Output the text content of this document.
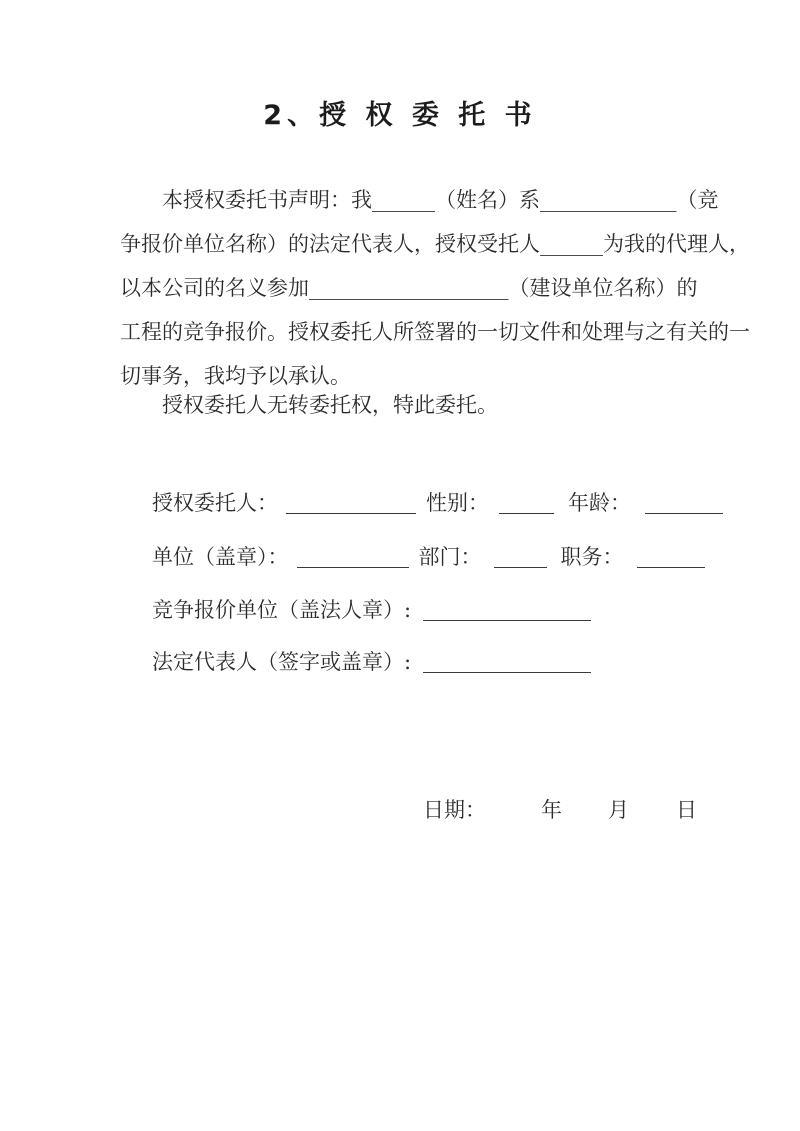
2、授 权 委 托 书
本授权委托书声明：我______（姓名）系_____________（竞
争报价单位名称）的法定代表人，授权受托人______为我的代理人，
以本公司的名义参加___________________（建设单位名称）的
工程的竞争报价。授权委托人所签署的一切文件和处理与之有关的一
切事务，我均予以承认。
授权委托人无转委托权，特此委托。
授权委托人：	性别：	年龄：
单位（盖章）：	部门：	职务：
竞争报价单位（盖法人章）:
法定代表人（签字或盖章）:
日期：	年 月 日
